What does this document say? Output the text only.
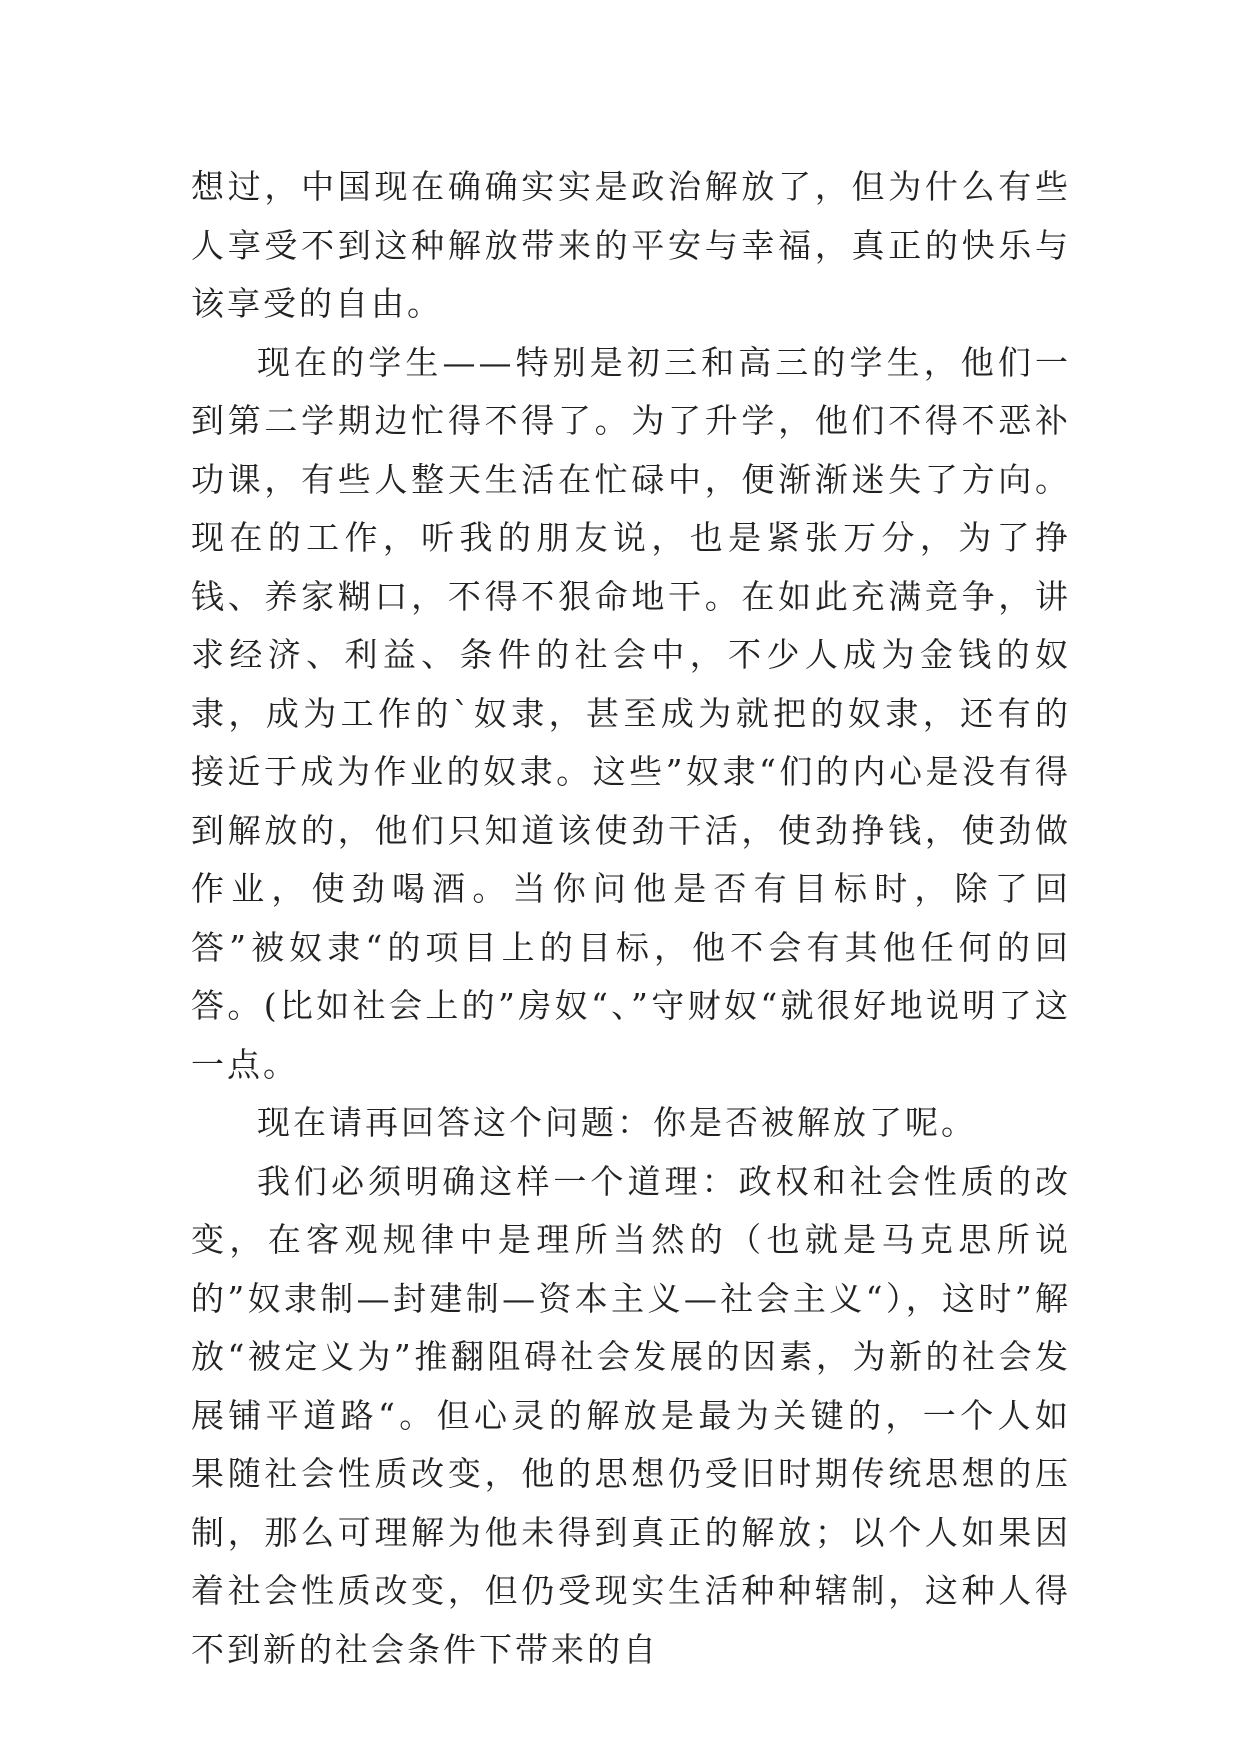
想过，中国现在确确实实是政治解放了，但为什么有些人享受不到这种解放带来的平安与幸福，真正的快乐与该享受的自由。

现在的学生——特别是初三和高三的学生，他们一到第二学期边忙得不得了。为了升学，他们不得不恶补功课，有些人整天生活在忙碌中，便渐渐迷失了方向。现在的工作，听我的朋友说，也是紧张万分，为了挣钱、养家糊口，不得不狠命地干。在如此充满竞争，讲求经济、利益、条件的社会中，不少人成为金钱的奴隶，成为工作的`奴隶，甚至成为就把的奴隶，还有的接近于成为作业的奴隶。这些”奴隶“们的内心是没有得到解放的，他们只知道该使劲干活，使劲挣钱，使劲做作业，使劲喝酒。当你问他是否有目标时，除了回答”被奴隶“的项目上的目标，他不会有其他任何的回答。(比如社会上的”房奴“、”守财奴“就很好地说明了这一点。

现在请再回答这个问题：你是否被解放了呢。

我们必须明确这样一个道理：政权和社会性质的改变，在客观规律中是理所当然的（也就是马克思所说的”奴隶制—封建制—资本主义—社会主义“），这时”解放“被定义为”推翻阻碍社会发展的因素，为新的社会发展铺平道路“。但心灵的解放是最为关键的，一个人如果随社会性质改变，他的思想仍受旧时期传统思想的压制，那么可理解为他未得到真正的解放；以个人如果因着社会性质改变，但仍受现实生活种种辖制，这种人得不到新的社会条件下带来的自
